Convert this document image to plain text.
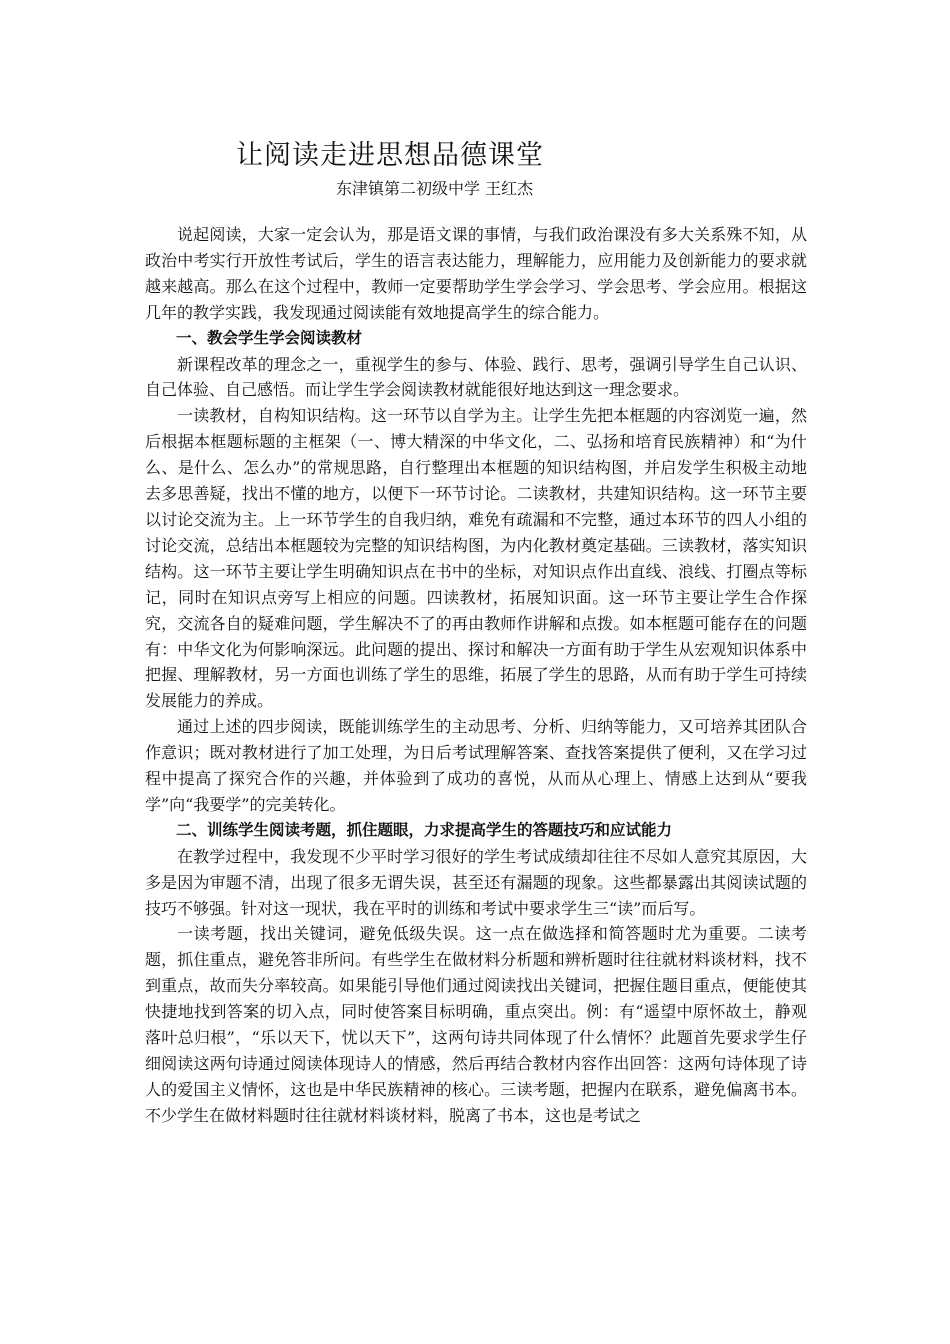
让阅读走进思想品德课堂
东津镇第二初级中学 王红杰

说起阅读，大家一定会认为，那是语文课的事情，与我们政治课没有多大关系殊不知，从政治中考实行开放性考试后，学生的语言表达能力，理解能力，应用能力及创新能力的要求就越来越高。那么在这个过程中，教师一定要帮助学生学会学习、学会思考、学会应用。根据这几年的教学实践，我发现通过阅读能有效地提高学生的综合能力。

一、教会学生学会阅读教材

新课程改革的理念之一，重视学生的参与、体验、践行、思考，强调引导学生自己认识、自己体验、自己感悟。而让学生学会阅读教材就能很好地达到这一理念要求。

一读教材，自构知识结构。这一环节以自学为主。让学生先把本框题的内容浏览一遍，然后根据本框题标题的主框架（一、博大精深的中华文化，二、弘扬和培育民族精神）和“为什么、是什么、怎么办”的常规思路，自行整理出本框题的知识结构图，并启发学生积极主动地去多思善疑，找出不懂的地方，以便下一环节讨论。二读教材，共建知识结构。这一环节主要以讨论交流为主。上一环节学生的自我归纳，难免有疏漏和不完整，通过本环节的四人小组的讨论交流，总结出本框题较为完整的知识结构图，为内化教材奠定基础。三读教材，落实知识结构。这一环节主要让学生明确知识点在书中的坐标，对知识点作出直线、浪线、打圈点等标记，同时在知识点旁写上相应的问题。四读教材，拓展知识面。这一环节主要让学生合作探究，交流各自的疑难问题，学生解决不了的再由教师作讲解和点拨。如本框题可能存在的问题有：中华文化为何影响深远。此问题的提出、探讨和解决一方面有助于学生从宏观知识体系中把握、理解教材，另一方面也训练了学生的思维，拓展了学生的思路，从而有助于学生可持续发展能力的养成。

通过上述的四步阅读，既能训练学生的主动思考、分析、归纳等能力，又可培养其团队合作意识；既对教材进行了加工处理，为日后考试理解答案、查找答案提供了便利，又在学习过程中提高了探究合作的兴趣，并体验到了成功的喜悦，从而从心理上、情感上达到从“要我学”向“我要学”的完美转化。

二、训练学生阅读考题，抓住题眼，力求提高学生的答题技巧和应试能力

在教学过程中，我发现不少平时学习很好的学生考试成绩却往往不尽如人意究其原因，大多是因为审题不清，出现了很多无谓失误，甚至还有漏题的现象。这些都暴露出其阅读试题的技巧不够强。针对这一现状，我在平时的训练和考试中要求学生三“读”而后写。

一读考题，找出关键词，避免低级失误。这一点在做选择和简答题时尤为重要。二读考题，抓住重点，避免答非所问。有些学生在做材料分析题和辨析题时往往就材料谈材料，找不到重点，故而失分率较高。如果能引导他们通过阅读找出关键词，把握住题目重点，便能使其快捷地找到答案的切入点，同时使答案目标明确，重点突出。例：有“遥望中原怀故土，静观落叶总归根”，“乐以天下，忧以天下”，这两句诗共同体现了什么情怀？此题首先要求学生仔细阅读这两句诗通过阅读体现诗人的情感，然后再结合教材内容作出回答：这两句诗体现了诗人的爱国主义情怀，这也是中华民族精神的核心。三读考题，把握内在联系，避免偏离书本。不少学生在做材料题时往往就材料谈材料，脱离了书本，这也是考试之
